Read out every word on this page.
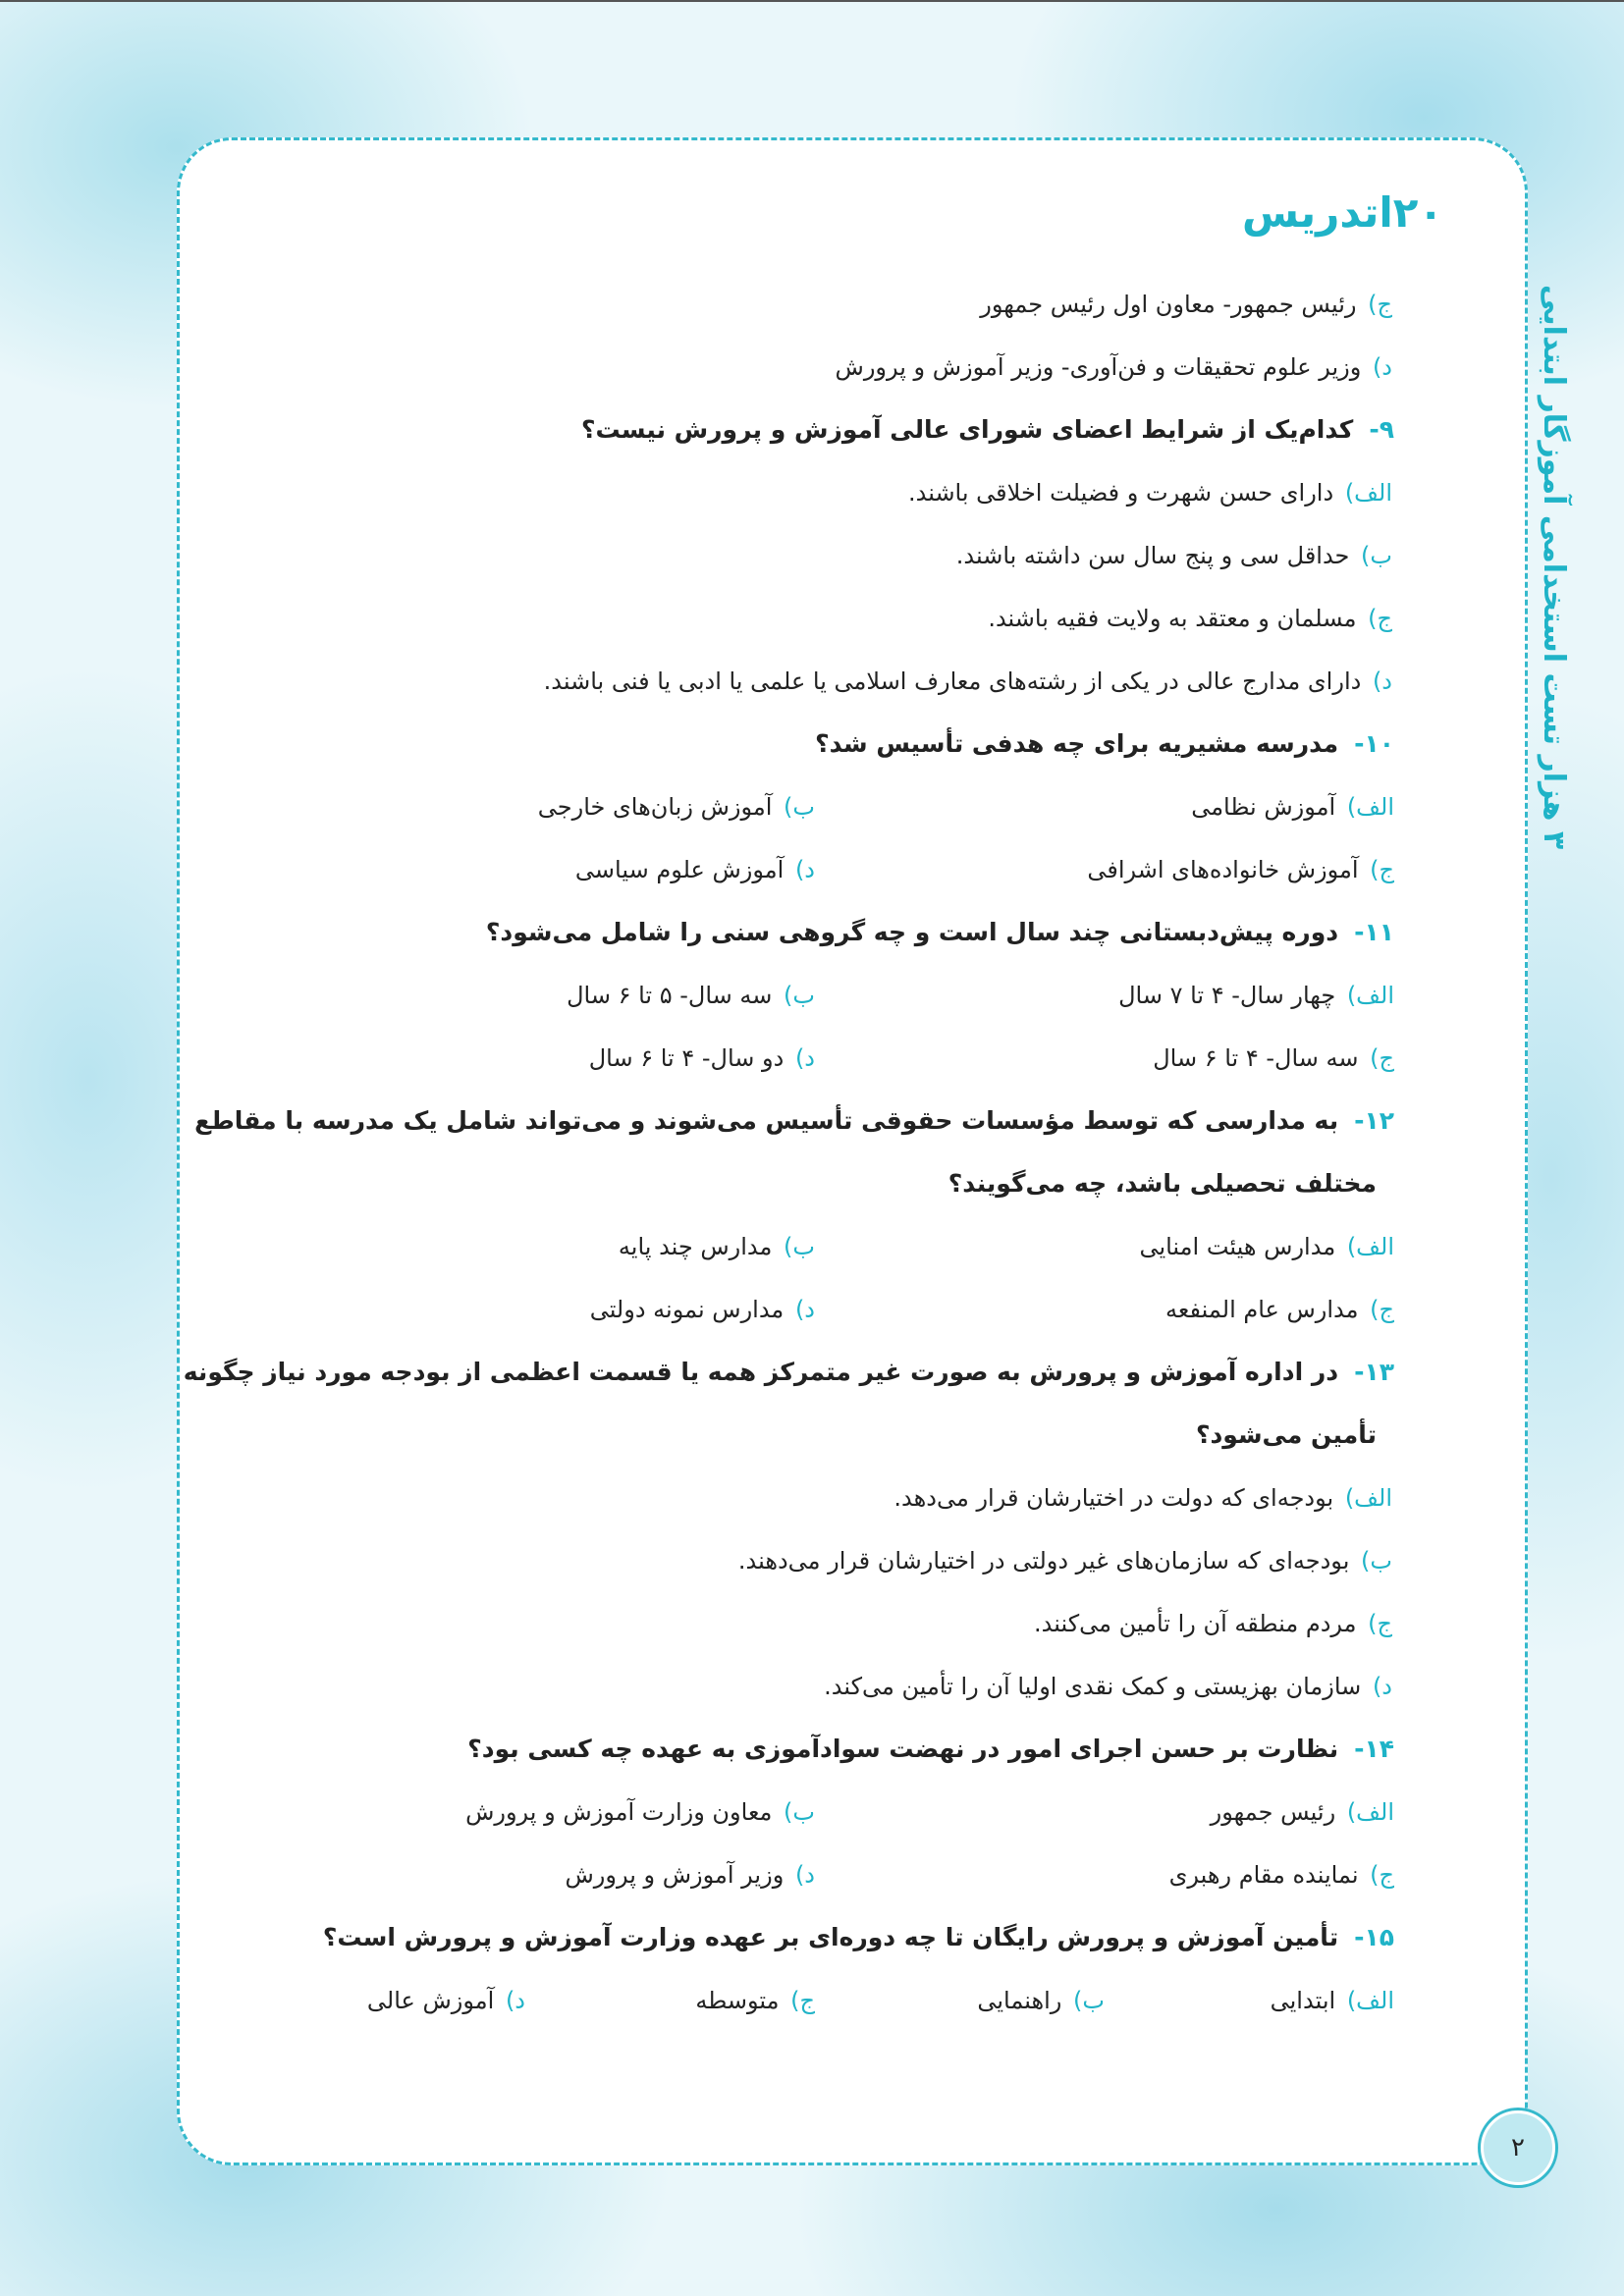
۲۰اتدریس
۳ هزار تست استخدامی آموزگار ابتدایی
ج) رئیس جمهور- معاون اول رئیس جمهور
د) وزیر علوم تحقیقات و فن‌آوری- وزیر آموزش و پرورش
۹-کدام‌یک از شرایط اعضای شورای عالی آموزش و پرورش نیست؟
الف) دارای حسن شهرت و فضیلت اخلاقی باشند.
ب) حداقل سی و پنج سال سن داشته باشند.
ج) مسلمان و معتقد به ولایت فقیه باشند.
د) دارای مدارج عالی در یکی از رشته‌های معارف اسلامی یا علمی یا ادبی یا فنی باشند.
۱۰-مدرسه مشیریه برای چه هدفی تأسیس شد؟
الف) آموزش نظامی
ب) آموزش زبان‌های خارجی
ج) آموزش خانواده‌های اشرافی
د) آموزش علوم سیاسی
۱۱-دوره پیش‌دبستانی چند سال است و چه گروهی سنی را شامل می‌شود؟
الف) چهار سال- ۴ تا ۷ سال
ب) سه سال- ۵ تا ۶ سال
ج) سه سال- ۴ تا ۶ سال
د) دو سال- ۴ تا ۶ سال
۱۲-به مدارسی که توسط مؤسسات حقوقی تأسیس می‌شوند و می‌تواند شامل یک مدرسه با مقاطع
مختلف تحصیلی باشد، چه می‌گویند؟
الف) مدارس هیئت امنایی
ب) مدارس چند پایه
ج) مدارس عام المنفعه
د) مدارس نمونه دولتی
۱۳-در اداره آموزش و پرورش به صورت غیر متمرکز همه یا قسمت اعظمی از بودجه مورد نیاز چگونه
تأمین می‌شود؟
الف) بودجه‌ای که دولت در اختیارشان قرار می‌دهد.
ب) بودجه‌ای که سازمان‌های غیر دولتی در اختیارشان قرار می‌دهند.
ج) مردم منطقه آن را تأمین می‌کنند.
د) سازمان بهزیستی و کمک نقدی اولیا آن را تأمین می‌کند.
۱۴-نظارت بر حسن اجرای امور در نهضت سوادآموزی به عهده چه کسی بود؟
الف) رئیس جمهور
ب) معاون وزارت آموزش و پرورش
ج) نماینده مقام رهبری
د) وزیر آموزش و پرورش
۱۵-تأمین آموزش و پرورش رایگان تا چه دوره‌ای بر عهده وزارت آموزش و پرورش است؟
الف) ابتدایی
ب) راهنمایی
ج) متوسطه
د) آموزش عالی
۲
